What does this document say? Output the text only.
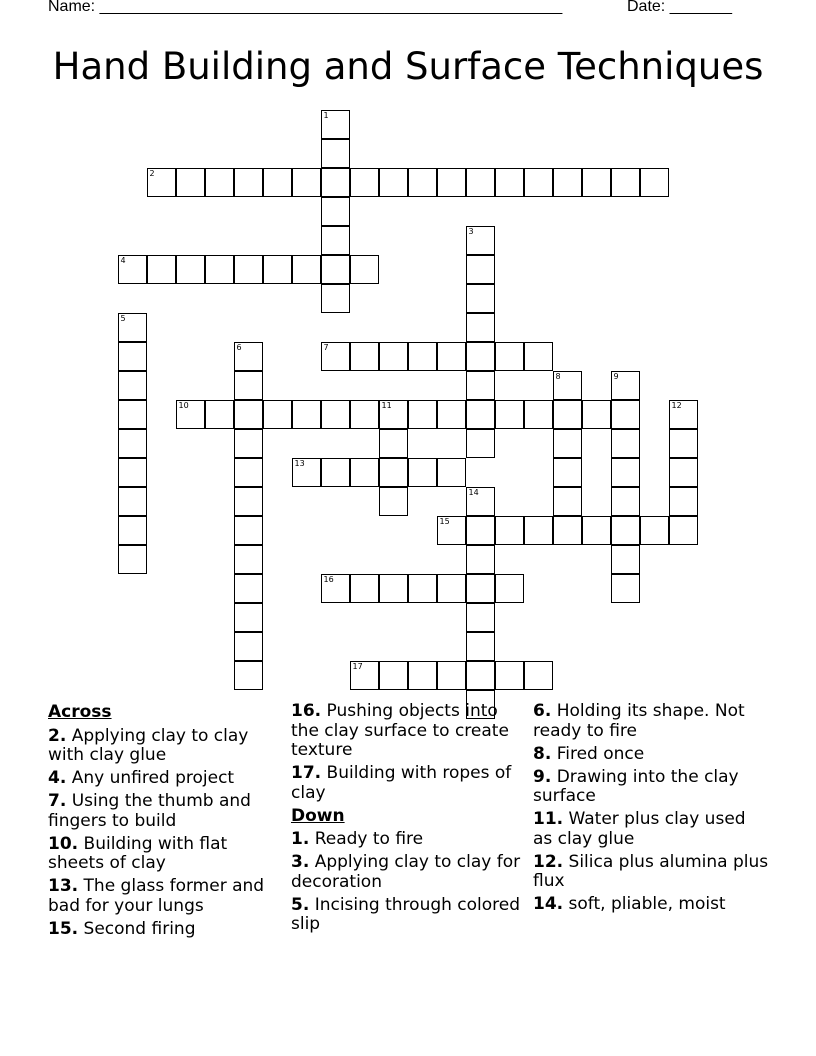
Name: ____________________________________________________	Date: _______
Hand Building and Surface Techniques
1
2
4
3
5
6	7
8	9
10	11	12
13
14
15
16
17
Across
2. Applying clay to clay with clay glue
4. Any unfired project
7. Using the thumb and fingers to build
10. Building with flat sheets of clay
13. The glass former and bad for your lungs
15. Second firing
16. Pushing objects into the clay surface to create texture
17. Building with ropes of clay
Down
1. Ready to fire
3. Applying clay to clay for decoration
5. Incising through colored slip
6. Holding its shape. Not ready to fire
8. Fired once
9. Drawing into the clay surface
11. Water plus clay used as clay glue
12. Silica plus alumina plus flux
14. soft, pliable, moist
